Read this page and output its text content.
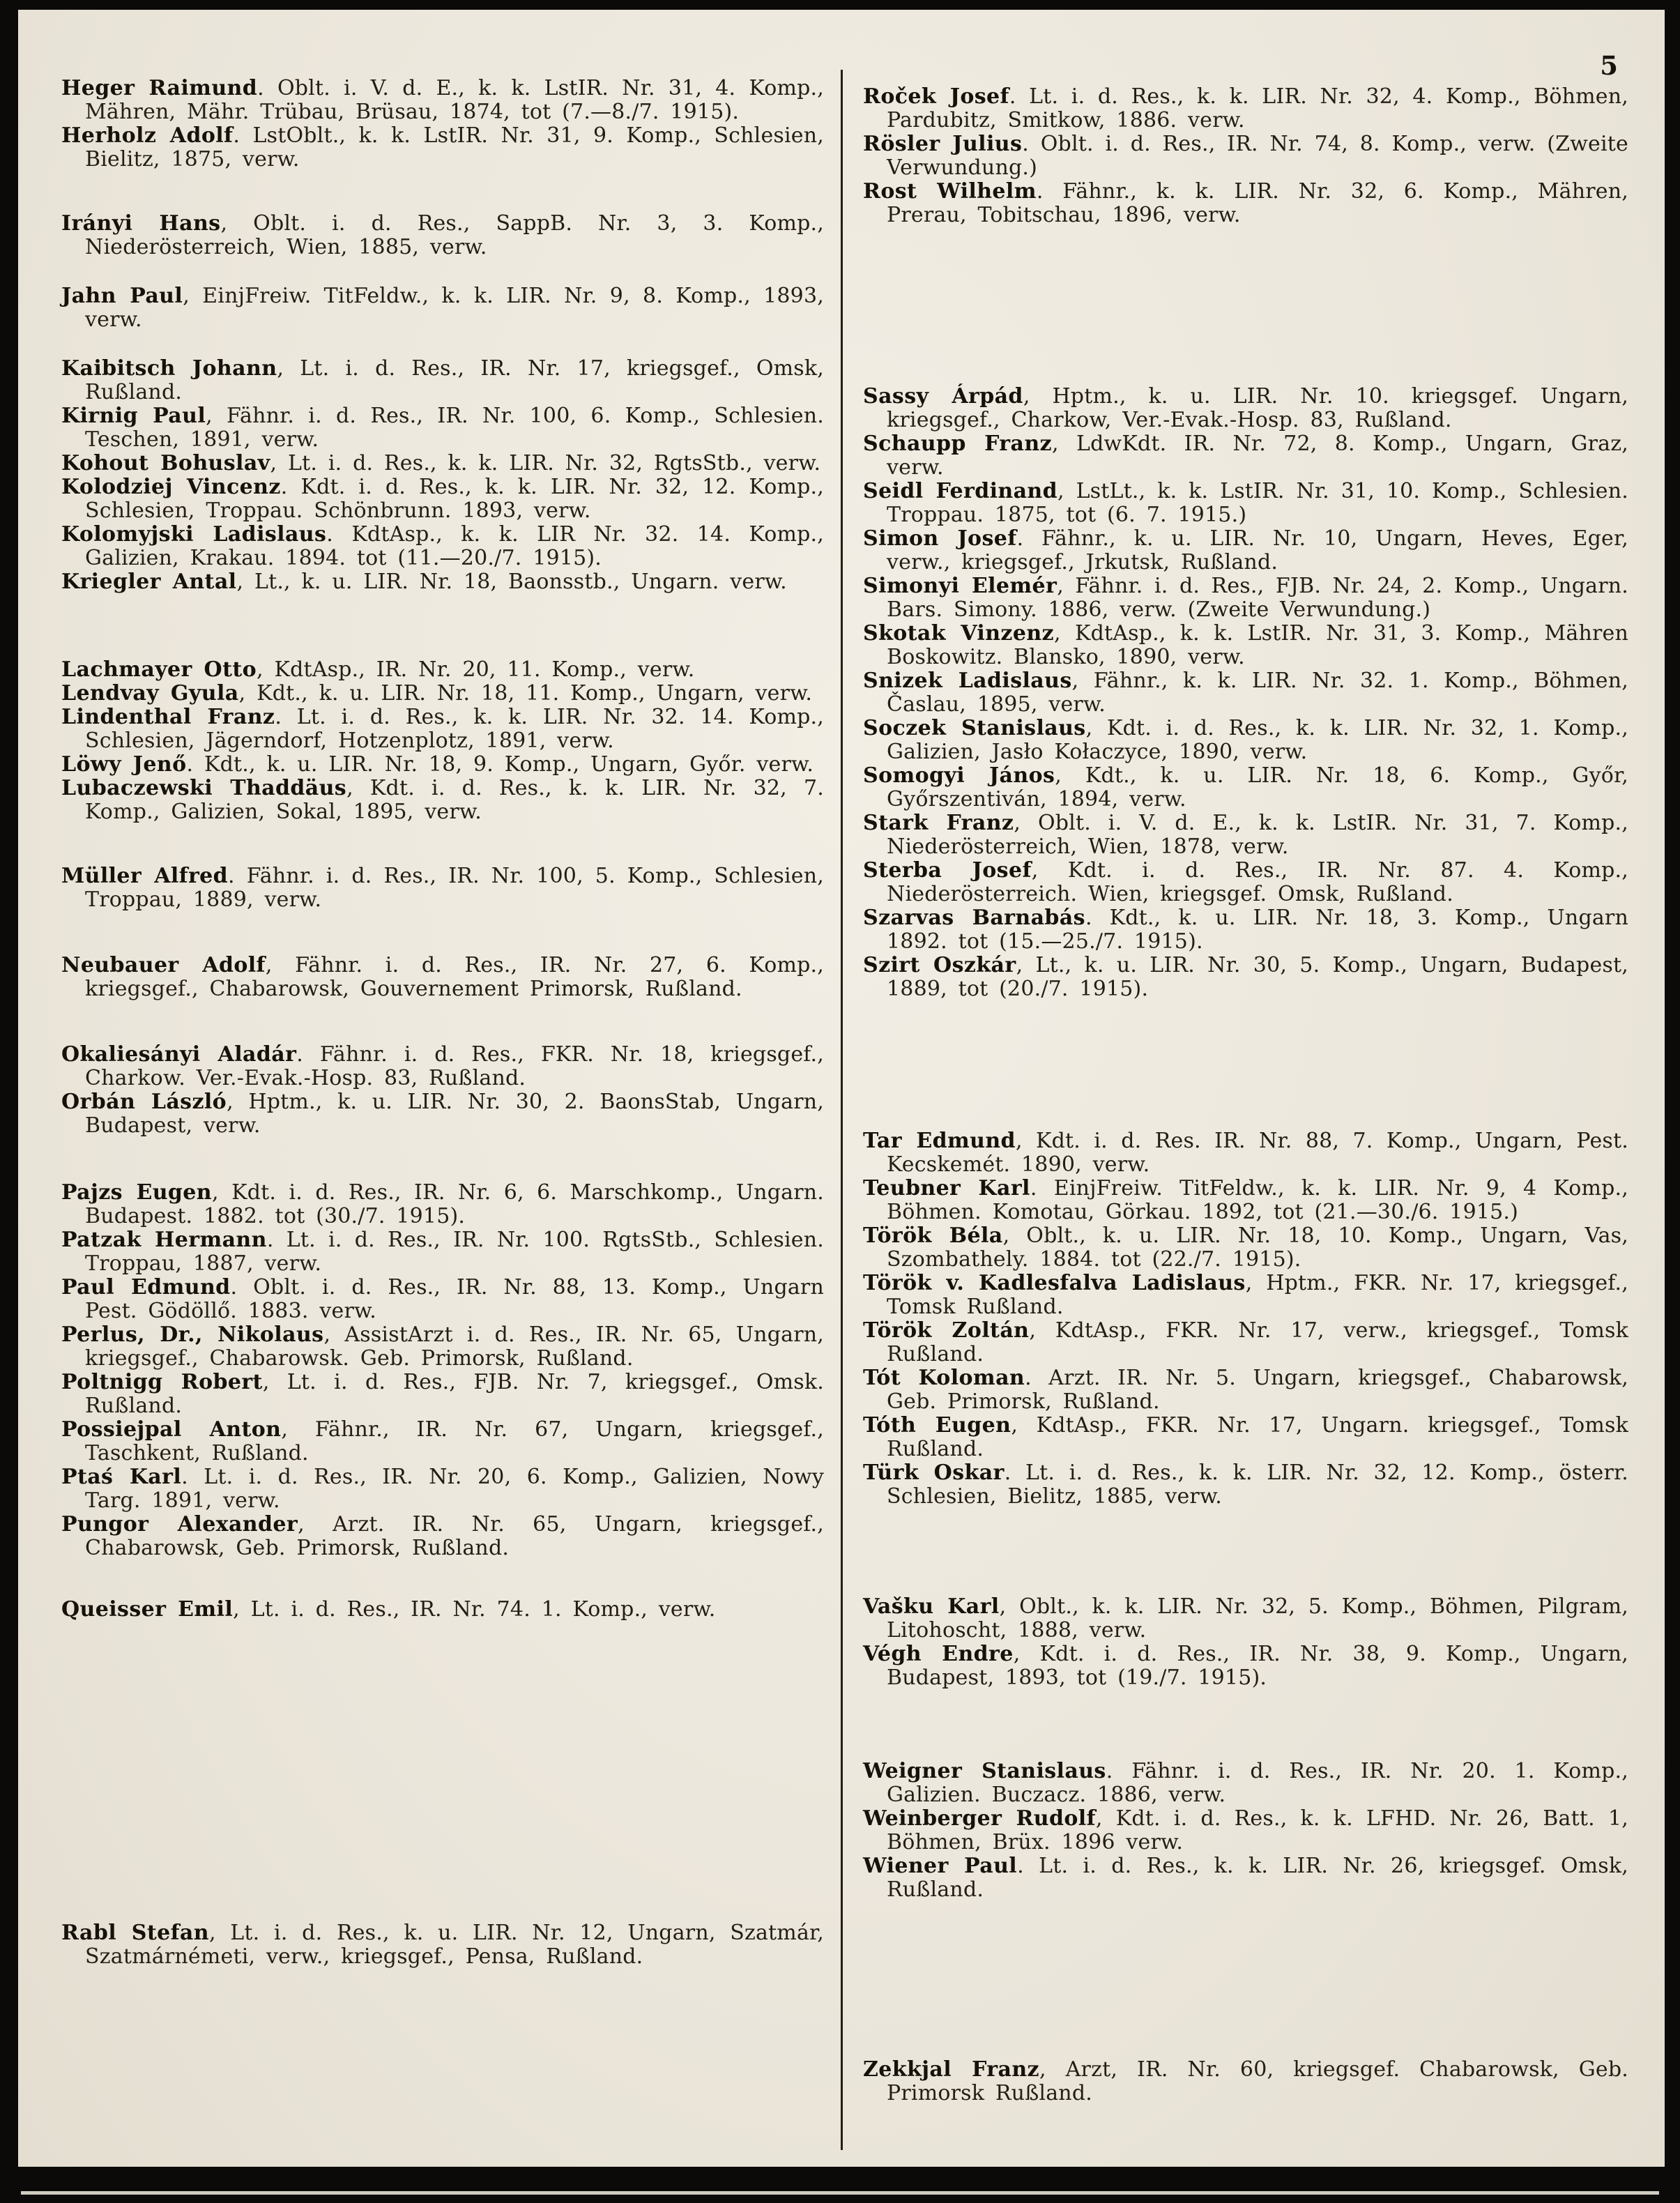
5

Heger Raimund. Oblt. i. V. d. E., k. k. LstIR. Nr. 31, 4. Komp., Mähren, Mähr. Trübau, Brüsau, 1874, tot (7.—8./7. 1915).

Herholz Adolf. LstOblt., k. k. LstIR. Nr. 31, 9. Komp., Schlesien, Bielitz, 1875, verw.

Irányi Hans, Oblt. i. d. Res., SappB. Nr. 3, 3. Komp., Niederösterreich, Wien, 1885, verw.

Jahn Paul, EinjFreiw. TitFeldw., k. k. LIR. Nr. 9, 8. Komp., 1893, verw.

Kaibitsch Johann, Lt. i. d. Res., IR. Nr. 17, kriegsgef., Omsk, Rußland.

Kirnig Paul, Fähnr. i. d. Res., IR. Nr. 100, 6. Komp., Schlesien. Teschen, 1891, verw.

Kohout Bohuslav, Lt. i. d. Res., k. k. LIR. Nr. 32, RgtsStb., verw.

Kolodziej Vincenz. Kdt. i. d. Res., k. k. LIR. Nr. 32, 12. Komp., Schlesien, Troppau. Schönbrunn. 1893, verw.

Kolomyjski Ladislaus. KdtAsp., k. k. LIR Nr. 32. 14. Komp., Galizien, Krakau. 1894. tot (11.—20./7. 1915).

Kriegler Antal, Lt., k. u. LIR. Nr. 18, Baonsstb., Ungarn. verw.

Lachmayer Otto, KdtAsp., IR. Nr. 20, 11. Komp., verw.

Lendvay Gyula, Kdt., k. u. LIR. Nr. 18, 11. Komp., Ungarn, verw.

Lindenthal Franz. Lt. i. d. Res., k. k. LIR. Nr. 32. 14. Komp., Schlesien, Jägerndorf, Hotzenplotz, 1891, verw.

Löwy Jenő. Kdt., k. u. LIR. Nr. 18, 9. Komp., Ungarn, Győr. verw.

Lubaczewski Thaddäus, Kdt. i. d. Res., k. k. LIR. Nr. 32, 7. Komp., Galizien, Sokal, 1895, verw.

Müller Alfred. Fähnr. i. d. Res., IR. Nr. 100, 5. Komp., Schlesien, Troppau, 1889, verw.

Neubauer Adolf, Fähnr. i. d. Res., IR. Nr. 27, 6. Komp., kriegsgef., Chabarowsk, Gouvernement Primorsk, Rußland.

Okaliesányi Aladár. Fähnr. i. d. Res., FKR. Nr. 18, kriegsgef., Charkow. Ver.-Evak.-Hosp. 83, Rußland.

Orbán László, Hptm., k. u. LIR. Nr. 30, 2. BaonsStab, Ungarn, Budapest, verw.

Pajzs Eugen, Kdt. i. d. Res., IR. Nr. 6, 6. Marschkomp., Ungarn. Budapest. 1882. tot (30./7. 1915).

Patzak Hermann. Lt. i. d. Res., IR. Nr. 100. RgtsStb., Schlesien. Troppau, 1887, verw.

Paul Edmund. Oblt. i. d. Res., IR. Nr. 88, 13. Komp., Ungarn Pest. Gödöllő. 1883. verw.

Perlus, Dr., Nikolaus, AssistArzt i. d. Res., IR. Nr. 65, Ungarn, kriegsgef., Chabarowsk. Geb. Primorsk, Rußland.

Poltnigg Robert, Lt. i. d. Res., FJB. Nr. 7, kriegsgef., Omsk. Rußland.

Possiejpal Anton, Fähnr., IR. Nr. 67, Ungarn, kriegsgef., Taschkent, Rußland.

Ptaś Karl. Lt. i. d. Res., IR. Nr. 20, 6. Komp., Galizien, Nowy Targ. 1891, verw.

Pungor Alexander, Arzt. IR. Nr. 65, Ungarn, kriegsgef., Chabarowsk, Geb. Primorsk, Rußland.

Queisser Emil, Lt. i. d. Res., IR. Nr. 74. 1. Komp., verw.

Rabl Stefan, Lt. i. d. Res., k. u. LIR. Nr. 12, Ungarn, Szatmár, Szatmárnémeti, verw., kriegsgef., Pensa, Rußland.

Roček Josef. Lt. i. d. Res., k. k. LIR. Nr. 32, 4. Komp., Böhmen, Pardubitz, Smitkow, 1886. verw.

Rösler Julius. Oblt. i. d. Res., IR. Nr. 74, 8. Komp., verw. (Zweite Verwundung.)

Rost Wilhelm. Fähnr., k. k. LIR. Nr. 32, 6. Komp., Mähren, Prerau, Tobitschau, 1896, verw.

Sassy Árpád, Hptm., k. u. LIR. Nr. 10. kriegsgef. Ungarn, kriegsgef., Charkow, Ver.-Evak.-Hosp. 83, Rußland.

Schaupp Franz, LdwKdt. IR. Nr. 72, 8. Komp., Ungarn, Graz, verw.

Seidl Ferdinand, LstLt., k. k. LstIR. Nr. 31, 10. Komp., Schlesien. Troppau. 1875, tot (6. 7. 1915.)

Simon Josef. Fähnr., k. u. LIR. Nr. 10, Ungarn, Heves, Eger, verw., kriegsgef., Jrkutsk, Rußland.

Simonyi Elemér, Fähnr. i. d. Res., FJB. Nr. 24, 2. Komp., Ungarn. Bars. Simony. 1886, verw. (Zweite Verwundung.)

Skotak Vinzenz, KdtAsp., k. k. LstIR. Nr. 31, 3. Komp., Mähren Boskowitz. Blansko, 1890, verw.

Snizek Ladislaus, Fähnr., k. k. LIR. Nr. 32. 1. Komp., Böhmen, Časlau, 1895, verw.

Soczek Stanislaus, Kdt. i. d. Res., k. k. LIR. Nr. 32, 1. Komp., Galizien, Jasło Kołaczyce, 1890, verw.

Somogyi János, Kdt., k. u. LIR. Nr. 18, 6. Komp., Győr, Győrszentiván, 1894, verw.

Stark Franz, Oblt. i. V. d. E., k. k. LstIR. Nr. 31, 7. Komp., Niederösterreich, Wien, 1878, verw.

Sterba Josef, Kdt. i. d. Res., IR. Nr. 87. 4. Komp., Niederösterreich. Wien, kriegsgef. Omsk, Rußland.

Szarvas Barnabás. Kdt., k. u. LIR. Nr. 18, 3. Komp., Ungarn 1892. tot (15.—25./7. 1915).

Szirt Oszkár, Lt., k. u. LIR. Nr. 30, 5. Komp., Ungarn, Budapest, 1889, tot (20./7. 1915).

Tar Edmund, Kdt. i. d. Res. IR. Nr. 88, 7. Komp., Ungarn, Pest. Kecskemét. 1890, verw.

Teubner Karl. EinjFreiw. TitFeldw., k. k. LIR. Nr. 9, 4 Komp., Böhmen. Komotau, Görkau. 1892, tot (21.—30./6. 1915.)

Török Béla, Oblt., k. u. LIR. Nr. 18, 10. Komp., Ungarn, Vas, Szombathely. 1884. tot (22./7. 1915).

Török v. Kadlesfalva Ladislaus, Hptm., FKR. Nr. 17, kriegsgef., Tomsk Rußland.

Török Zoltán, KdtAsp., FKR. Nr. 17, verw., kriegsgef., Tomsk Rußland.

Tót Koloman. Arzt. IR. Nr. 5. Ungarn, kriegsgef., Chabarowsk, Geb. Primorsk, Rußland.

Tóth Eugen, KdtAsp., FKR. Nr. 17, Ungarn. kriegsgef., Tomsk Rußland.

Türk Oskar. Lt. i. d. Res., k. k. LIR. Nr. 32, 12. Komp., österr. Schlesien, Bielitz, 1885, verw.

Vašku Karl, Oblt., k. k. LIR. Nr. 32, 5. Komp., Böhmen, Pilgram, Litohoscht, 1888, verw.

Végh Endre, Kdt. i. d. Res., IR. Nr. 38, 9. Komp., Ungarn, Budapest, 1893, tot (19./7. 1915).

Weigner Stanislaus. Fähnr. i. d. Res., IR. Nr. 20. 1. Komp., Galizien. Buczacz. 1886, verw.

Weinberger Rudolf, Kdt. i. d. Res., k. k. LFHD. Nr. 26, Batt. 1, Böhmen, Brüx. 1896 verw.

Wiener Paul. Lt. i. d. Res., k. k. LIR. Nr. 26, kriegsgef. Omsk, Rußland.

Zekkjal Franz, Arzt, IR. Nr. 60, kriegsgef. Chabarowsk, Geb. Primorsk Rußland.
